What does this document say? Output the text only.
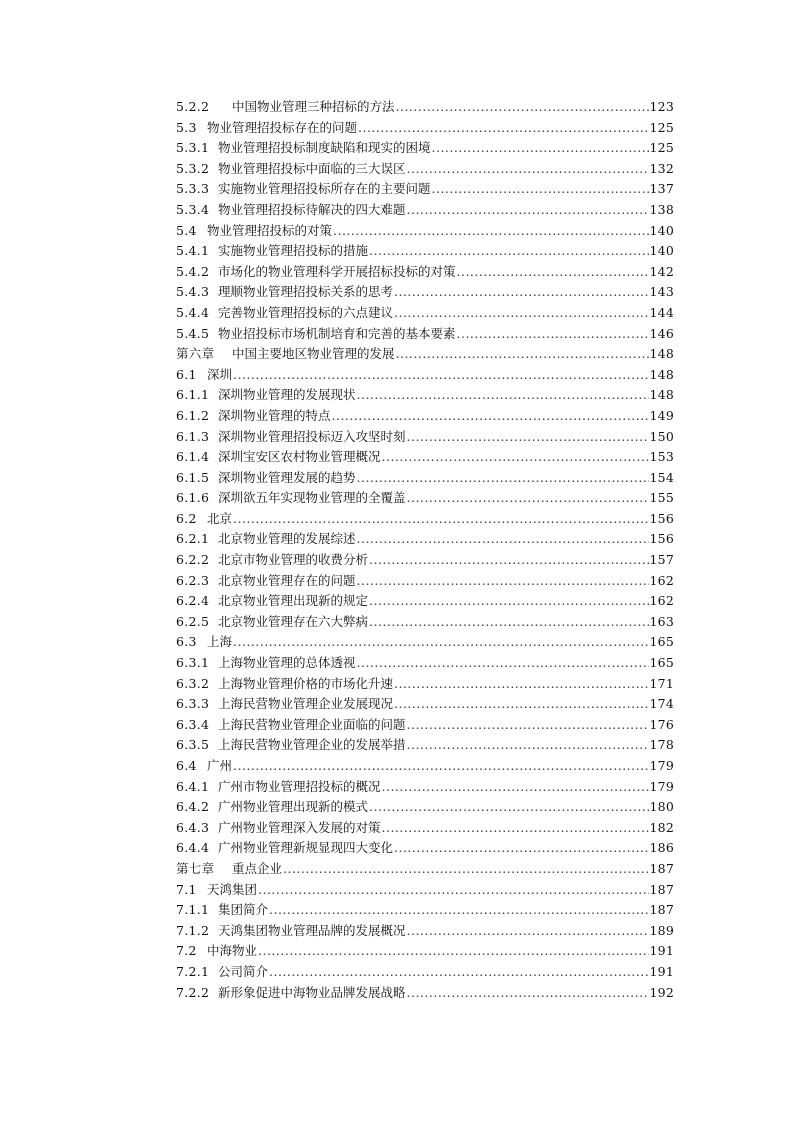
5.2.2	中国物业管理三种招标的方法 .....	123
5.3 物业管理招投标存在的问题 .....	125
5.3.1 物业管理招投标制度缺陷和现实的困境 .....	125
5.3.2 物业管理招投标中面临的三大误区 .....	132
5.3.3 实施物业管理招投标所存在的主要问题 .....	137
5.3.4 物业管理招投标待解决的四大难题 .....	138
5.4 物业管理招投标的对策 .....	140
5.4.1 实施物业管理招投标的措施 .....	140
5.4.2 市场化的物业管理科学开展招标投标的对策 .....	142
5.4.3 理顺物业管理招投标关系的思考 .....	143
5.4.4 完善物业管理招投标的六点建议 .....	144
5.4.5 物业招投标市场机制培育和完善的基本要素 .....	146
第六章	中国主要地区物业管理的发展 .....	148
6.1 深圳 .....	148
6.1.1 深圳物业管理的发展现状 .....	148
6.1.2 深圳物业管理的特点 .....	149
6.1.3 深圳物业管理招投标迈入攻坚时刻 .....	150
6.1.4 深圳宝安区农村物业管理概况 .....	153
6.1.5 深圳物业管理发展的趋势 .....	154
6.1.6 深圳欲五年实现物业管理的全覆盖 .....	155
6.2 北京 .....	156
6.2.1 北京物业管理的发展综述 .....	156
6.2.2 北京市物业管理的收费分析 .....	157
6.2.3 北京物业管理存在的问题 .....	162
6.2.4 北京物业管理出现新的规定 .....	162
6.2.5 北京物业管理存在六大弊病 .....	163
6.3 上海 .....	165
6.3.1 上海物业管理的总体透视 .....	165
6.3.2 上海物业管理价格的市场化升速 .....	171
6.3.3 上海民营物业管理企业发展现况 .....	174
6.3.4 上海民营物业管理企业面临的问题 .....	176
6.3.5 上海民营物业管理企业的发展举措 .....	178
6.4 广州 .....	179
6.4.1 广州市物业管理招投标的概况 .....	179
6.4.2 广州物业管理出现新的模式 .....	180
6.4.3 广州物业管理深入发展的对策 .....	182
6.4.4 广州物业管理新规显现四大变化 .....	186
第七章	重点企业 .....	187
7.1 天鸿集团 .....	187
7.1.1 集团简介 .....	187
7.1.2 天鸿集团物业管理品牌的发展概况 .....	189
7.2 中海物业 .....	191
7.2.1 公司简介 .....	191
7.2.2 新形象促进中海物业品牌发展战略 .....	192
